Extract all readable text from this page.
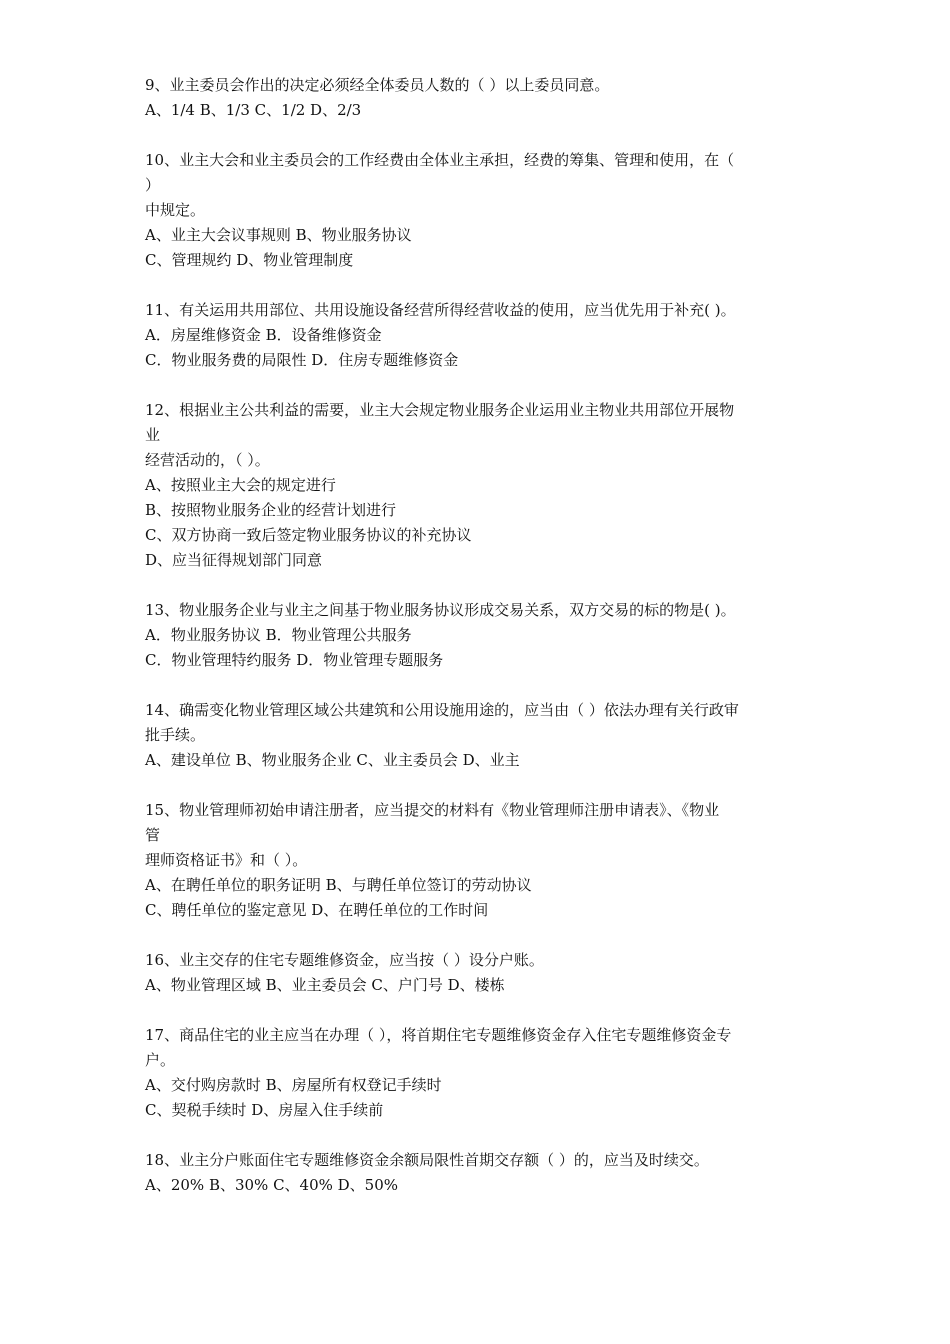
9、业主委员会作出的决定必须经全体委员人数的（ ）以上委员同意。
A、1/4 B、1/3 C、1/2 D、2/3
10、业主大会和业主委员会的工作经费由全体业主承担，经费的筹集、管理和使用，在（
）
中规定。
A、业主大会议事规则 B、物业服务协议
C、管理规约 D、物业管理制度
11、有关运用共用部位、共用设施设备经营所得经营收益的使用，应当优先用于补充( )。
A．房屋维修资金 B．设备维修资金
C．物业服务费的局限性 D．住房专题维修资金
12、根据业主公共利益的需要，业主大会规定物业服务企业运用业主物业共用部位开展物
业
经营活动的，（ ）。
A、按照业主大会的规定进行
B、按照物业服务企业的经营计划进行
C、双方协商一致后签定物业服务协议的补充协议
D、应当征得规划部门同意
13、物业服务企业与业主之间基于物业服务协议形成交易关系，双方交易的标的物是( )。
A．物业服务协议 B．物业管理公共服务
C．物业管理特约服务 D．物业管理专题服务
14、确需变化物业管理区域公共建筑和公用设施用途的，应当由（ ）依法办理有关行政审
批手续。
A、建设单位 B、物业服务企业 C、业主委员会 D、业主
15、物业管理师初始申请注册者，应当提交的材料有《物业管理师注册申请表》、《物业
管
理师资格证书》和（ ）。
A、在聘任单位的职务证明 B、与聘任单位签订的劳动协议
C、聘任单位的鉴定意见 D、在聘任单位的工作时间
16、业主交存的住宅专题维修资金，应当按（ ）设分户账。
A、物业管理区域 B、业主委员会 C、户门号 D、楼栋
17、商品住宅的业主应当在办理（ ），将首期住宅专题维修资金存入住宅专题维修资金专
户。
A、交付购房款时 B、房屋所有权登记手续时
C、契税手续时 D、房屋入住手续前
18、业主分户账面住宅专题维修资金余额局限性首期交存额（ ）的，应当及时续交。
A、20% B、30% C、40% D、50%
